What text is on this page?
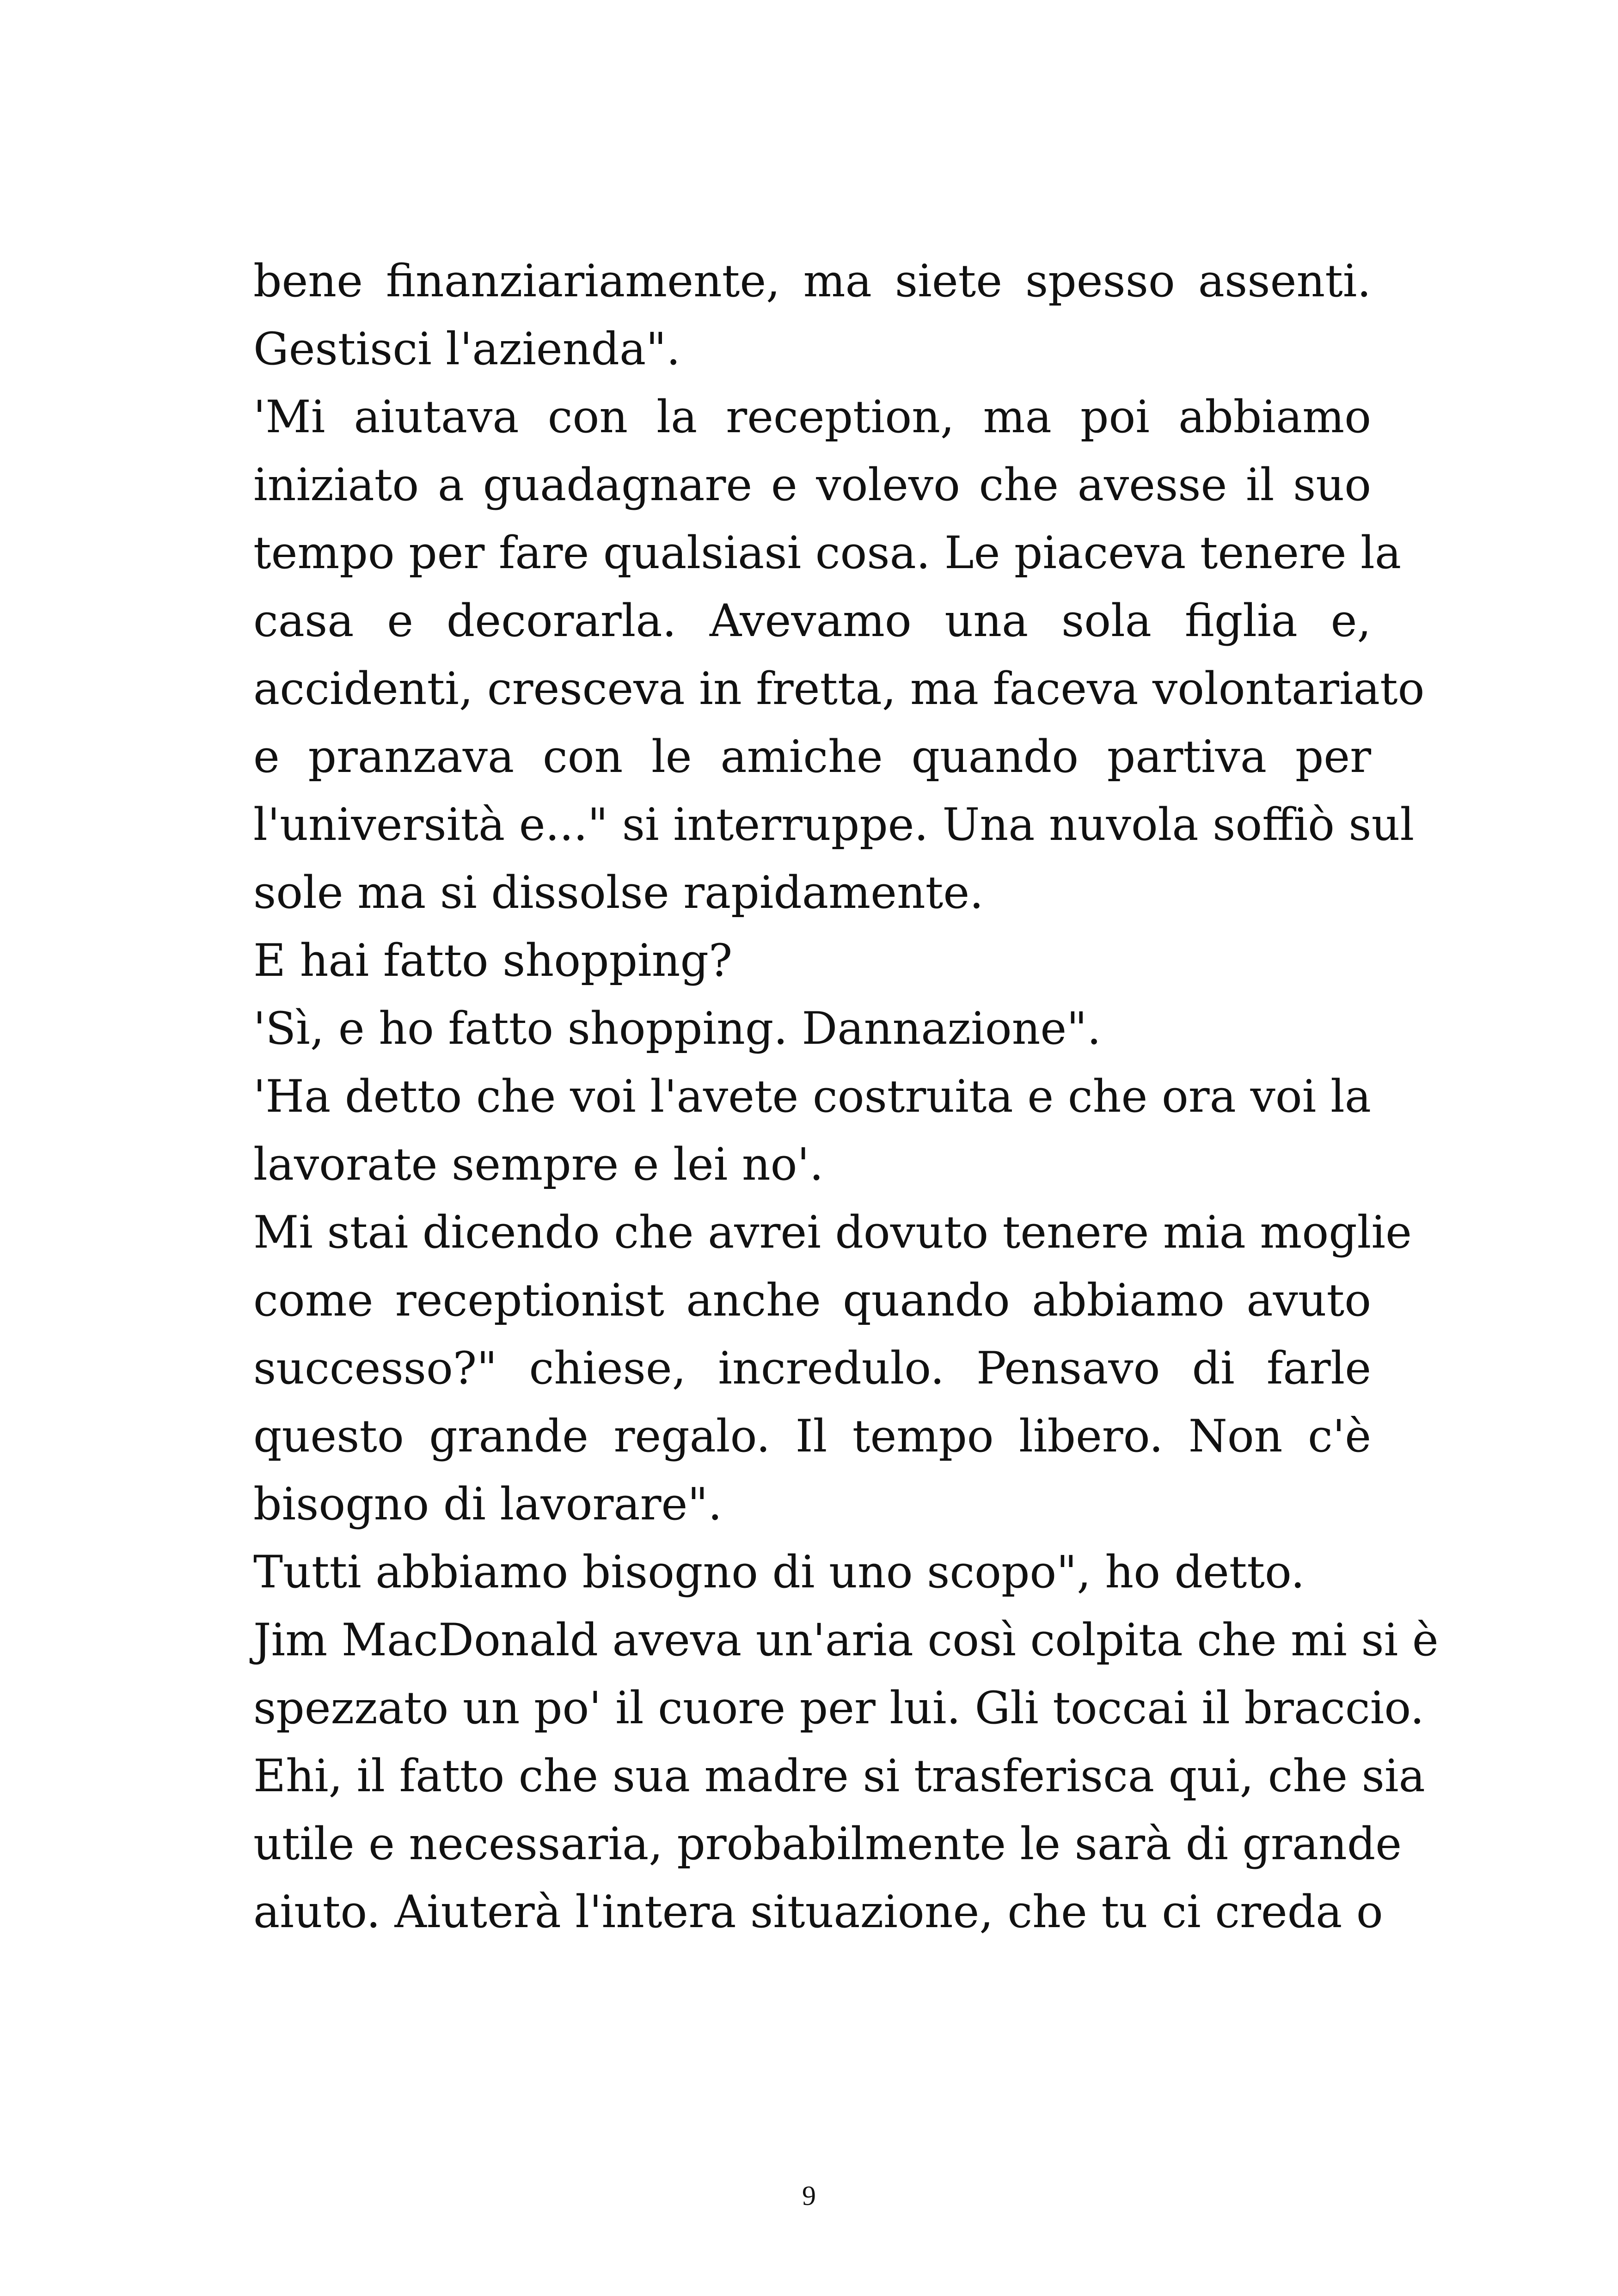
bene finanziariamente, ma siete spesso assenti.
Gestisci l'azienda".
'Mi aiutava con la reception, ma poi abbiamo
iniziato a guadagnare e volevo che avesse il suo
tempo per fare qualsiasi cosa. Le piaceva tenere la
casa e decorarla. Avevamo una sola figlia e,
accidenti, cresceva in fretta, ma faceva volontariato
e pranzava con le amiche quando partiva per
l'università e..." si interruppe. Una nuvola soffiò sul
sole ma si dissolse rapidamente.
E hai fatto shopping?
'Sì, e ho fatto shopping. Dannazione".
'Ha detto che voi l'avete costruita e che ora voi la
lavorate sempre e lei no'.
Mi stai dicendo che avrei dovuto tenere mia moglie
come receptionist anche quando abbiamo avuto
successo?" chiese, incredulo. Pensavo di farle
questo grande regalo. Il tempo libero. Non c'è
bisogno di lavorare".
Tutti abbiamo bisogno di uno scopo", ho detto.
Jim MacDonald aveva un'aria così colpita che mi si è
spezzato un po' il cuore per lui. Gli toccai il braccio.
Ehi, il fatto che sua madre si trasferisca qui, che sia
utile e necessaria, probabilmente le sarà di grande
aiuto. Aiuterà l'intera situazione, che tu ci creda o
9
